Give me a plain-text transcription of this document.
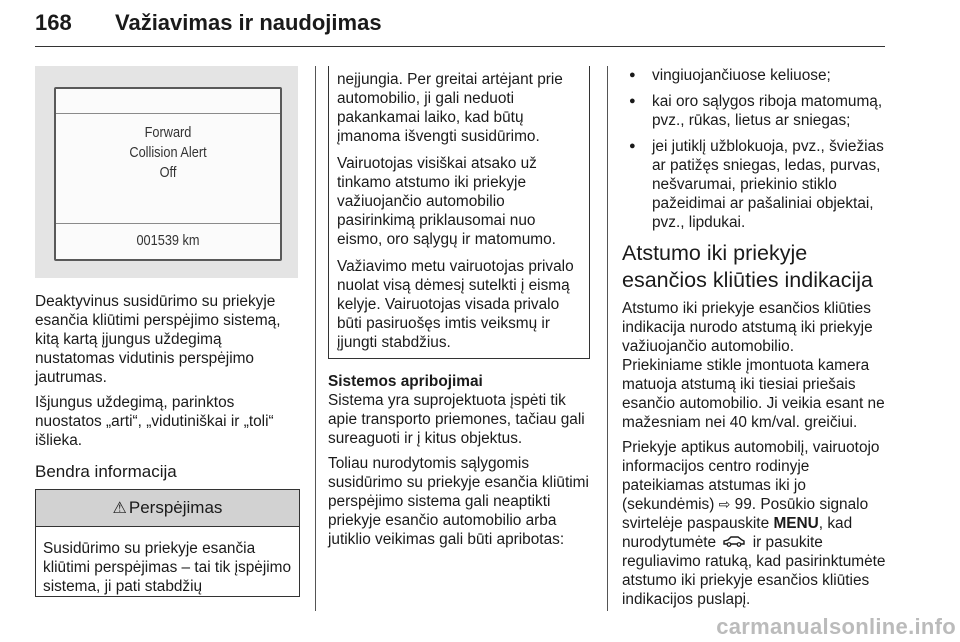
168 Važiavimas ir naudojimas
Forward
Collision Alert
Off
001539 km

Deaktyvinus susidūrimo su priekyje esančia kliūtimi perspėjimo sistemą, kitą kartą įjungus uždegimą nustatomas vidutinis perspėjimo jautrumas.

Išjungus uždegimą, parinktos nuostatos „arti“, „vidutiniškai ir „toli“ išlieka.

Bendra informacija
⚠ Perspėjimas
Susidūrimo su priekyje esančia kliūtimi perspėjimas – tai tik įspėjimo sistema, ji pati stabdžių

neįjungia. Per greitai artėjant prie automobilio, ji gali neduoti pakankamai laiko, kad būtų įmanoma išvengti susidūrimo.

Vairuotojas visiškai atsako už tinkamo atstumo iki priekyje važiuojančio automobilio pasirinkimą priklausomai nuo eismo, oro sąlygų ir matomumo.

Važiavimo metu vairuotojas privalo nuolat visą dėmesį sutelkti į eismą kelyje. Vairuotojas visada privalo būti pasiruošęs imtis veiksmų ir įjungti stabdžius.

Sistemos apribojimai

Sistema yra suprojektuota įspėti tik apie transporto priemones, tačiau gali sureaguoti ir į kitus objektus.

Toliau nurodytomis sąlygomis susidūrimo su priekyje esančia kliūtimi perspėjimo sistema gali neaptikti priekyje esančio automobilio arba jutiklio veikimas gali būti apribotas:

● vingiuojančiuose keliuose;
● kai oro sąlygos riboja matomumą, pvz., rūkas, lietus ar sniegas;
● jei jutiklį užblokuoja, pvz., šviežias ar patižęs sniegas, ledas, purvas, nešvarumai, priekinio stiklo pažeidimai ar pašaliniai objektai, pvz., lipdukai.
Atstumo iki priekyje esančios kliūties indikacija

Atstumo iki priekyje esančios kliūties indikacija nurodo atstumą iki priekyje važiuojančio automobilio.

Priekiniame stikle įmontuota kamera matuoja atstumą iki tiesiai priešais esančio automobilio. Ji veikia esant ne mažesniam nei 40 km/val. greičiui.

Priekyje aptikus automobilį, vairuotojo informacijos centro rodinyje pateikiamas atstumas iki jo (sekundėmis) ⇨ 99. Posūkio signalo svirtelėje paspauskite MENU, kad nurodytumėte ir pasukite reguliavimo ratuką, kad pasirinktumėte atstumo iki priekyje esančios kliūties indikacijos puslapį.

carmanualsonline.info
